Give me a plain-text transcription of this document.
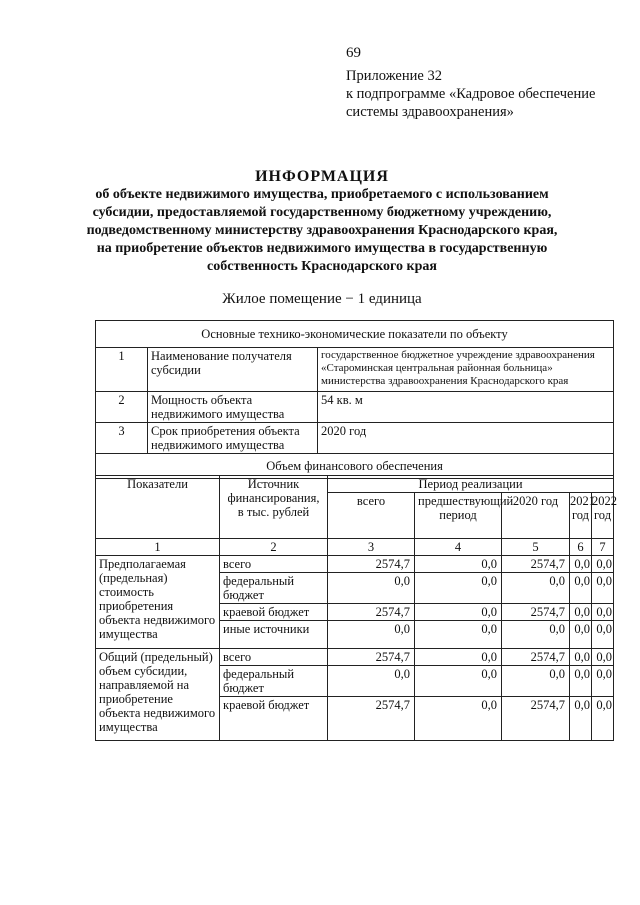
69
Приложение 32
к подпрограмме «Кадровое обеспечение
системы здравоохранения»
ИНФОРМАЦИЯ
об объекте недвижимого имущества, приобретаемого с использованием
субсидии, предоставляемой государственному бюджетному учреждению,
подведомственному министерству здравоохранения Краснодарского края,
на приобретение объектов недвижимого имущества в государственную
собственность Краснодарского края
Жилое помещение − 1 единица
Основные технико-экономические показатели по объекту		
1	Наименование получателя субсидии	государственное бюджетное учреждение здравоохранения «Староминская центральная районная больница» министерства здравоохранения Краснодарского края
2	Мощность объекта недвижимого имущества	54 кв. м
3	Срок приобретения объекта недвижимого имущества	2020 год
Объем финансового обеспечения		
Показатели	Источник финансирования, в тыс. рублей	Период реализации				
		всего	предшествующий период	2020 год	2021 год	2022 год
1	2	3	4	5	6	7
Предполагаемая (предельная) стоимость приобретения объекта недвижимого имущества	всего	2574,7	0,0	2574,7	0,0	0,0
	федеральный бюджет	0,0	0,0	0,0	0,0	0,0
	краевой бюджет	2574,7	0,0	2574,7	0,0	0,0
	иные источники	0,0	0,0	0,0	0,0	0,0
Общий (предельный) объем субсидии, направляемой на приобретение объекта недвижимого имущества	всего	2574,7	0,0	2574,7	0,0	0,0
	федеральный бюджет	0,0	0,0	0,0	0,0	0,0
	краевой бюджет	2574,7	0,0	2574,7	0,0	0,0
